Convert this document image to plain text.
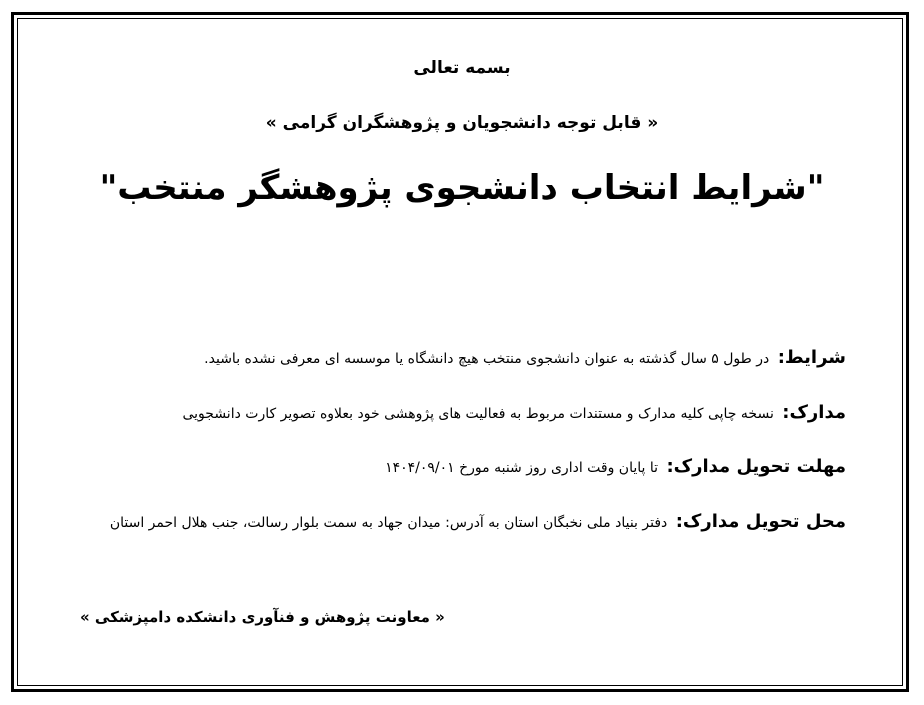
بسمه تعالی
« قابل توجه دانشجویان و پژوهشگران گرامی »
"شرایط انتخاب دانشجوی پژوهشگر منتخب"
شرایط: در طول ۵ سال گذشته به عنوان دانشجوی منتخب هیچ دانشگاه یا موسسه ای معرفی نشده باشید.
مدارک: نسخه چاپی کلیه مدارک و مستندات مربوط به فعالیت های پژوهشی خود بعلاوه تصویر کارت دانشجویی
مهلت تحویل مدارک: تا پایان وقت اداری روز شنبه مورخ ۱۴۰۴/۰۹/۰۱
محل تحویل مدارک: دفتر بنیاد ملی نخبگان استان به آدرس: میدان جهاد به سمت بلوار رسالت، جنب هلال احمر استان
« معاونت پژوهش و فنآوری دانشکده دامپزشکی »
